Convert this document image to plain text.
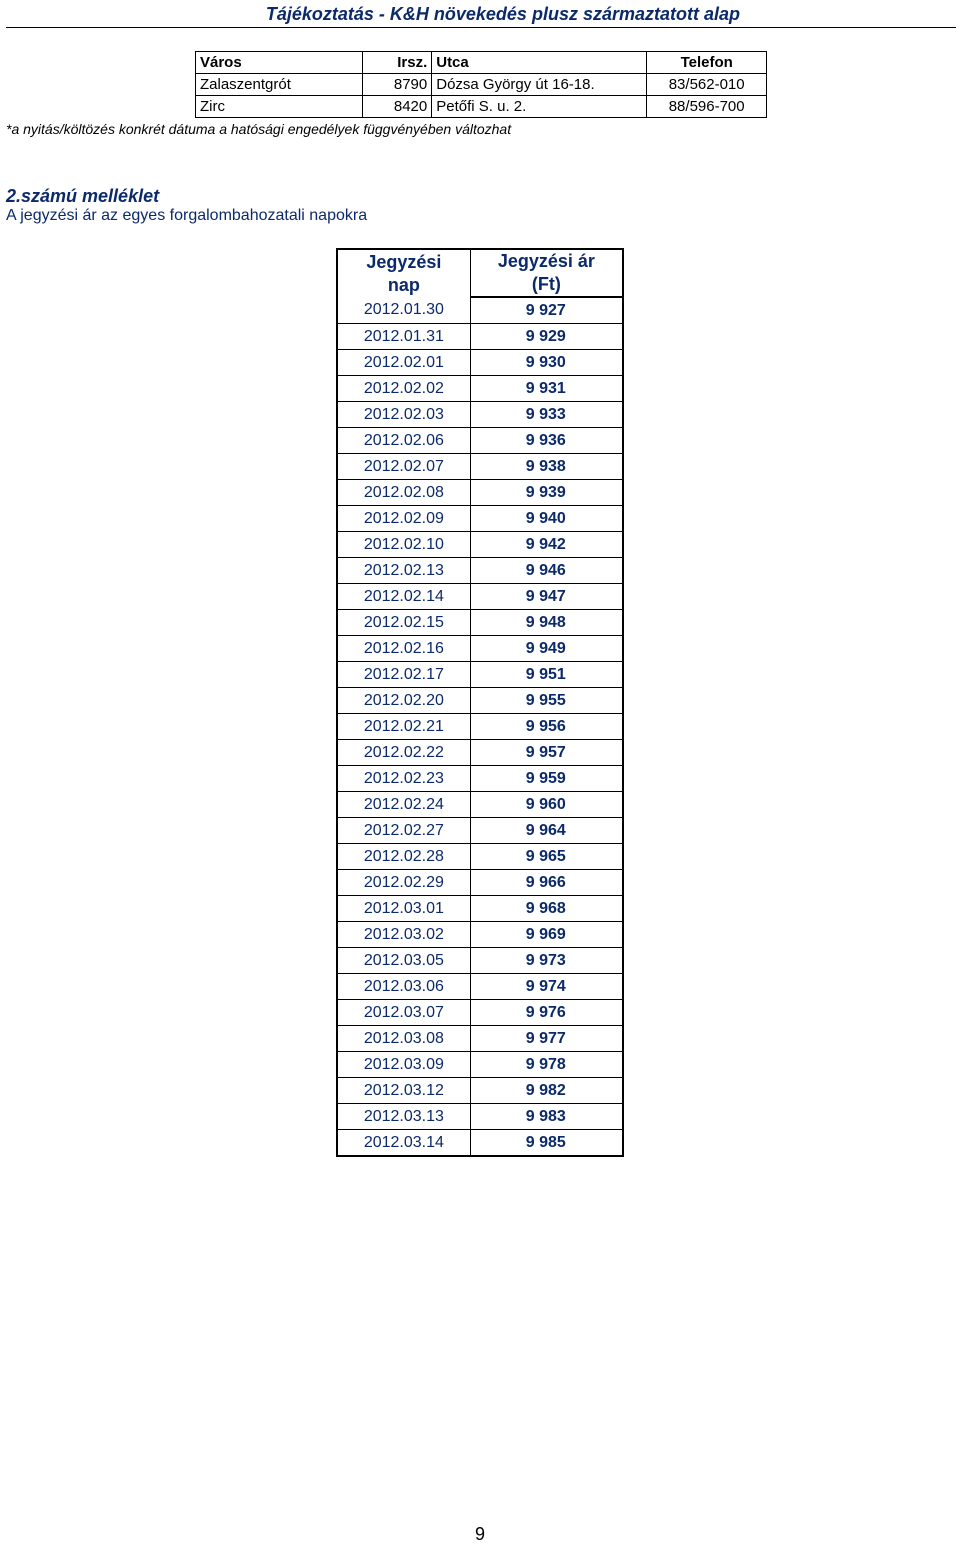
Tájékoztatás - K&H növekedés plusz származtatott alap
Város	Irsz.	Utca	Telefon
Zalaszentgrót	8790	Dózsa György út 16-18.	83/562-010
Zirc	8420	Petőfi S. u. 2.	88/596-700
*a nyitás/költözés konkrét dátuma a hatósági engedélyek függvényében változhat
2.számú melléklet
A jegyzési ár az egyes forgalombahozatali napokra
Jegyzési
nap	Jegyzési ár
(Ft)
2012.01.30	9 927
2012.01.31	9 929
2012.02.01	9 930
2012.02.02	9 931
2012.02.03	9 933
2012.02.06	9 936
2012.02.07	9 938
2012.02.08	9 939
2012.02.09	9 940
2012.02.10	9 942
2012.02.13	9 946
2012.02.14	9 947
2012.02.15	9 948
2012.02.16	9 949
2012.02.17	9 951
2012.02.20	9 955
2012.02.21	9 956
2012.02.22	9 957
2012.02.23	9 959
2012.02.24	9 960
2012.02.27	9 964
2012.02.28	9 965
2012.02.29	9 966
2012.03.01	9 968
2012.03.02	9 969
2012.03.05	9 973
2012.03.06	9 974
2012.03.07	9 976
2012.03.08	9 977
2012.03.09	9 978
2012.03.12	9 982
2012.03.13	9 983
2012.03.14	9 985
9
